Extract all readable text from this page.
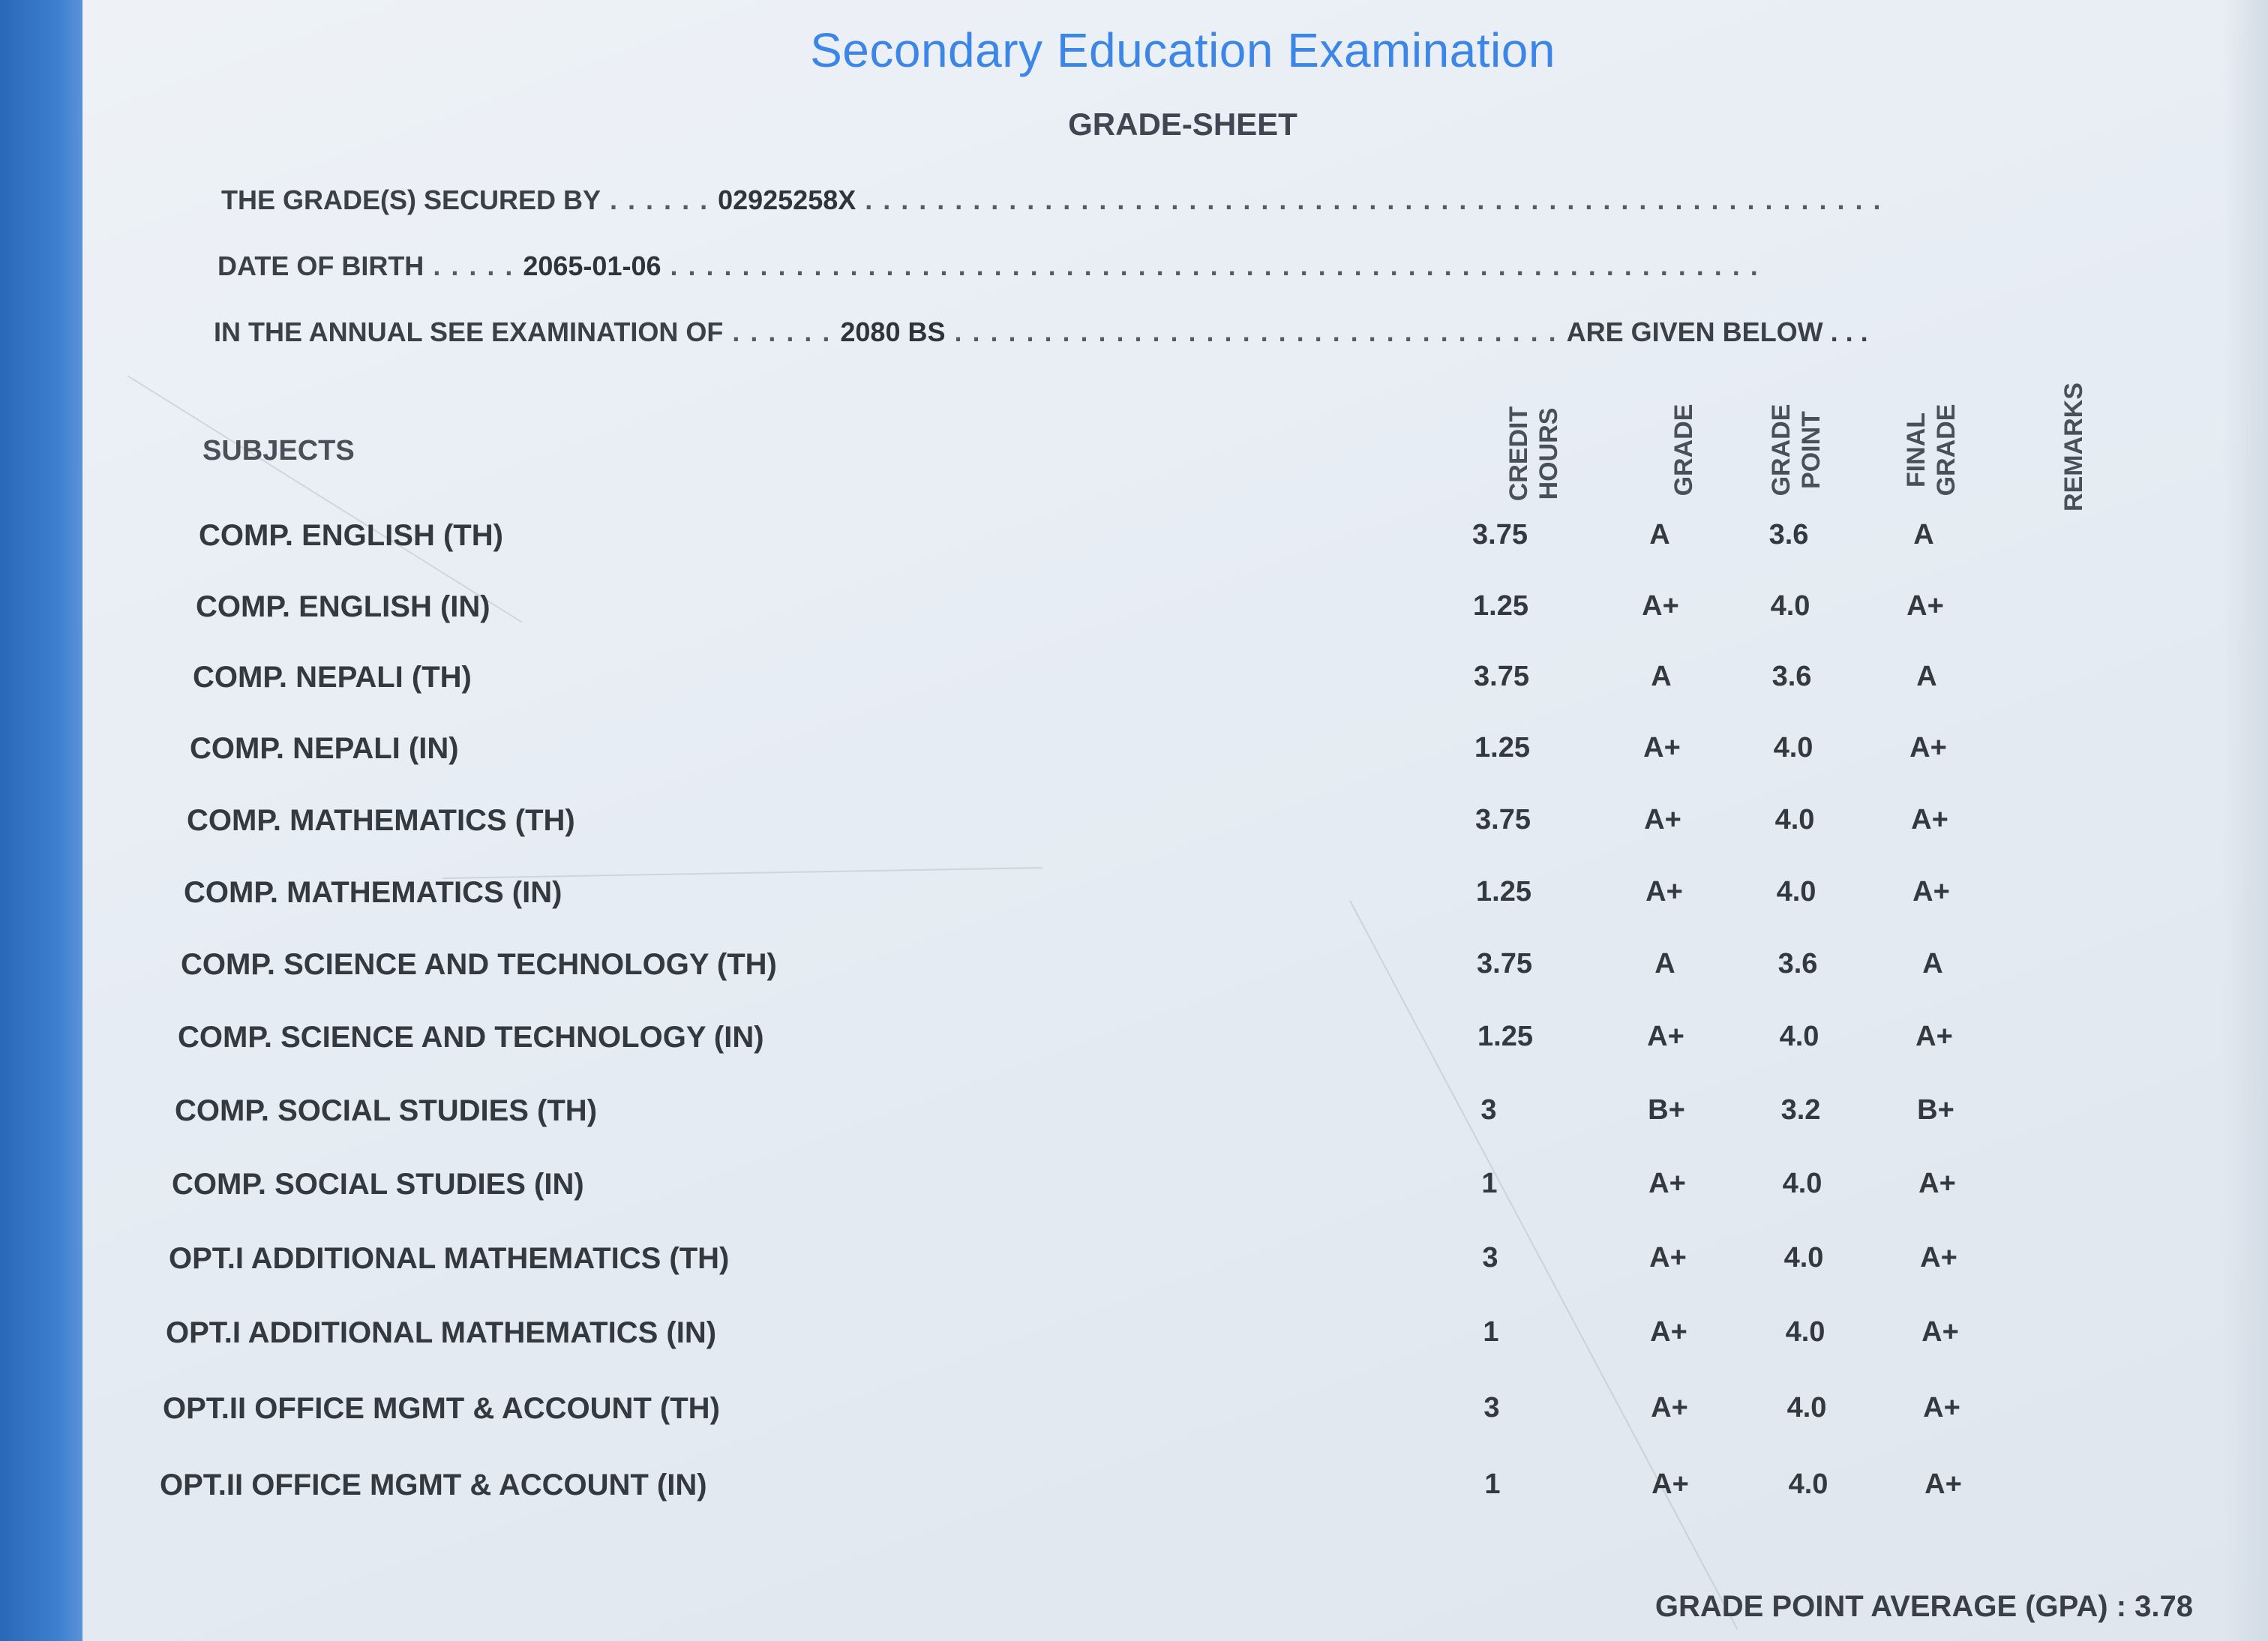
Secondary Education Examination
GRADE-SHEET
THE GRADE(S) SECURED BY . . . . . . 02925258X . . . . . . . . . . . . . . . . . . . . . . . . . . . . . . . . . . . . . . . . . . . . . . . . . . . . . . . . .
DATE OF BIRTH . . . . . 2065-01-06 . . . . . . . . . . . . . . . . . . . . . . . . . . . . . . . . . . . . . . . . . . . . . . . . . . . . . . . . . . . . .
IN THE ANNUAL SEE EXAMINATION OF . . . . . . 2080 BS . . . . . . . . . . . . . . . . . . . . . . . . . . . . . . . . . . ARE GIVEN BELOW . . .
SUBJECTS	CREDIT HOURS	GRADE	GRADE POINT	FINAL GRADE	REMARKS
COMP. ENGLISH (TH)	3.75	A	3.6	A
COMP. ENGLISH (IN)	1.25	A+	4.0	A+
COMP. NEPALI (TH)	3.75	A	3.6	A
COMP. NEPALI (IN)	1.25	A+	4.0	A+
COMP. MATHEMATICS (TH)	3.75	A+	4.0	A+
COMP. MATHEMATICS (IN)	1.25	A+	4.0	A+
COMP. SCIENCE AND TECHNOLOGY (TH)	3.75	A	3.6	A
COMP. SCIENCE AND TECHNOLOGY (IN)	1.25	A+	4.0	A+
COMP. SOCIAL STUDIES (TH)	3	B+	3.2	B+
COMP. SOCIAL STUDIES (IN)	1	A+	4.0	A+
OPT.I ADDITIONAL MATHEMATICS (TH)	3	A+	4.0	A+
OPT.I ADDITIONAL MATHEMATICS (IN)	1	A+	4.0	A+
OPT.II OFFICE MGMT & ACCOUNT (TH)	3	A+	4.0	A+
OPT.II OFFICE MGMT & ACCOUNT (IN)	1	A+	4.0	A+
GRADE POINT AVERAGE (GPA) : 3.78
